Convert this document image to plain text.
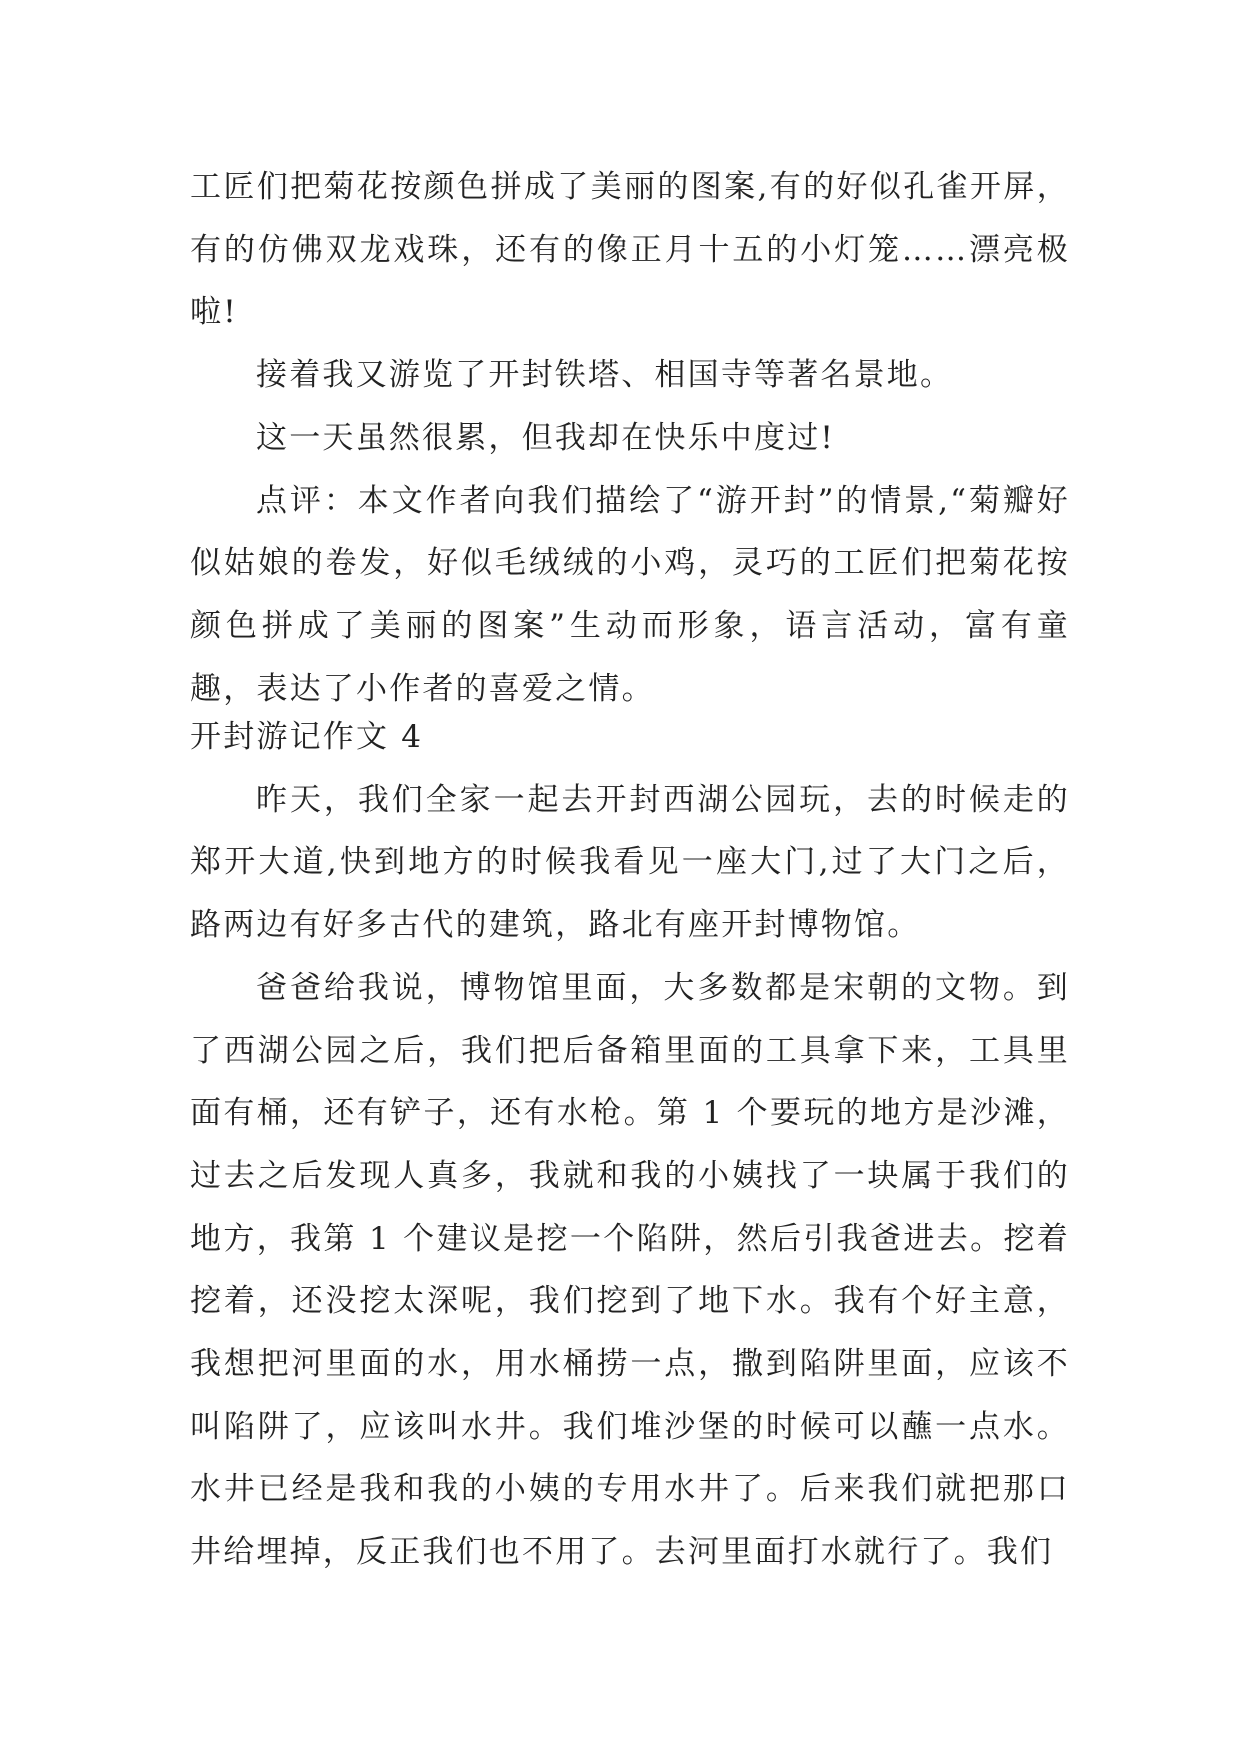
工匠们把菊花按颜色拼成了美丽的图案,有的好似孔雀开屏，有的仿佛双龙戏珠，还有的像正月十五的小灯笼……漂亮极啦!

接着我又游览了开封铁塔、相国寺等著名景地。

这一天虽然很累，但我却在快乐中度过!

点评：本文作者向我们描绘了“游开封”的情景,“菊瓣好似姑娘的卷发，好似毛绒绒的小鸡，灵巧的工匠们把菊花按颜色拼成了美丽的图案”生动而形象，语言活动，富有童趣，表达了小作者的喜爱之情。

开封游记作文 4

昨天，我们全家一起去开封西湖公园玩，去的时候走的郑开大道,快到地方的时候我看见一座大门,过了大门之后，路两边有好多古代的建筑，路北有座开封博物馆。

爸爸给我说，博物馆里面，大多数都是宋朝的文物。到了西湖公园之后，我们把后备箱里面的工具拿下来，工具里面有桶，还有铲子，还有水枪。第 1 个要玩的地方是沙滩，过去之后发现人真多，我就和我的小姨找了一块属于我们的地方，我第 1 个建议是挖一个陷阱，然后引我爸进去。挖着挖着，还没挖太深呢，我们挖到了地下水。我有个好主意，我想把河里面的水，用水桶捞一点，撒到陷阱里面，应该不叫陷阱了，应该叫水井。我们堆沙堡的时候可以蘸一点水。水井已经是我和我的小姨的专用水井了。后来我们就把那口井给埋掉，反正我们也不用了。去河里面打水就行了。我们
